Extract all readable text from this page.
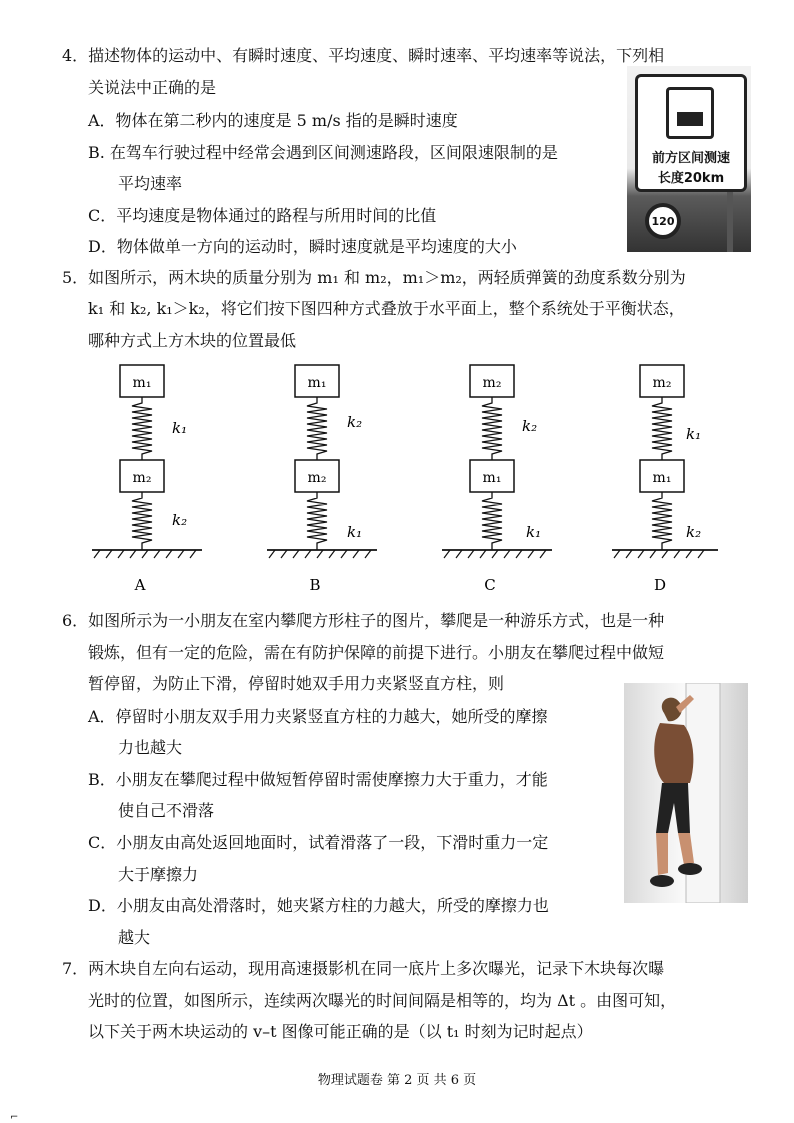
4．描述物体的运动中、有瞬时速度、平均速度、瞬时速率、平均速率等说法，下列相
关说法中正确的是
A．物体在第二秒内的速度是 5 m/s 指的是瞬时速度
B. 在驾车行驶过程中经常会遇到区间测速路段，区间限速限制的是
平均速率
C．平均速度是物体通过的路程与所用时间的比值
D．物体做单一方向的运动时，瞬时速度就是平均速度的大小
前方区间测速
长度20km
120
5．如图所示，两木块的质量分别为 m₁ 和 m₂，m₁＞m₂，两轻质弹簧的劲度系数分别为
k₁ 和 k₂, k₁＞k₂，将它们按下图四种方式叠放于水平面上，整个系统处于平衡状态，
哪种方式上方木块的位置最低
m₁
k₁
m₂
k₂
A
m₁
k₂
m₂
k₁
B
m₂
k₂
m₁
k₁
C
m₂
k₁
m₁
k₂
D
6．如图所示为一小朋友在室内攀爬方形柱子的图片，攀爬是一种游乐方式，也是一种
锻炼，但有一定的危险，需在有防护保障的前提下进行。小朋友在攀爬过程中做短
暂停留，为防止下滑，停留时她双手用力夹紧竖直方柱，则
A．停留时小朋友双手用力夹紧竖直方柱的力越大，她所受的摩擦
力也越大
B．小朋友在攀爬过程中做短暂停留时需使摩擦力大于重力，才能
使自己不滑落
C．小朋友由高处返回地面时，试着滑落了一段，下滑时重力一定
大于摩擦力
D．小朋友由高处滑落时，她夹紧方柱的力越大，所受的摩擦力也
越大
7．两木块自左向右运动，现用高速摄影机在同一底片上多次曝光，记录下木块每次曝
光时的位置，如图所示，连续两次曝光的时间间隔是相等的，均为 Δt 。由图可知，
以下关于两木块运动的 v–t 图像可能正确的是（以 t₁ 时刻为记时起点）
物理试题卷 第 2 页 共 6 页
⌐
